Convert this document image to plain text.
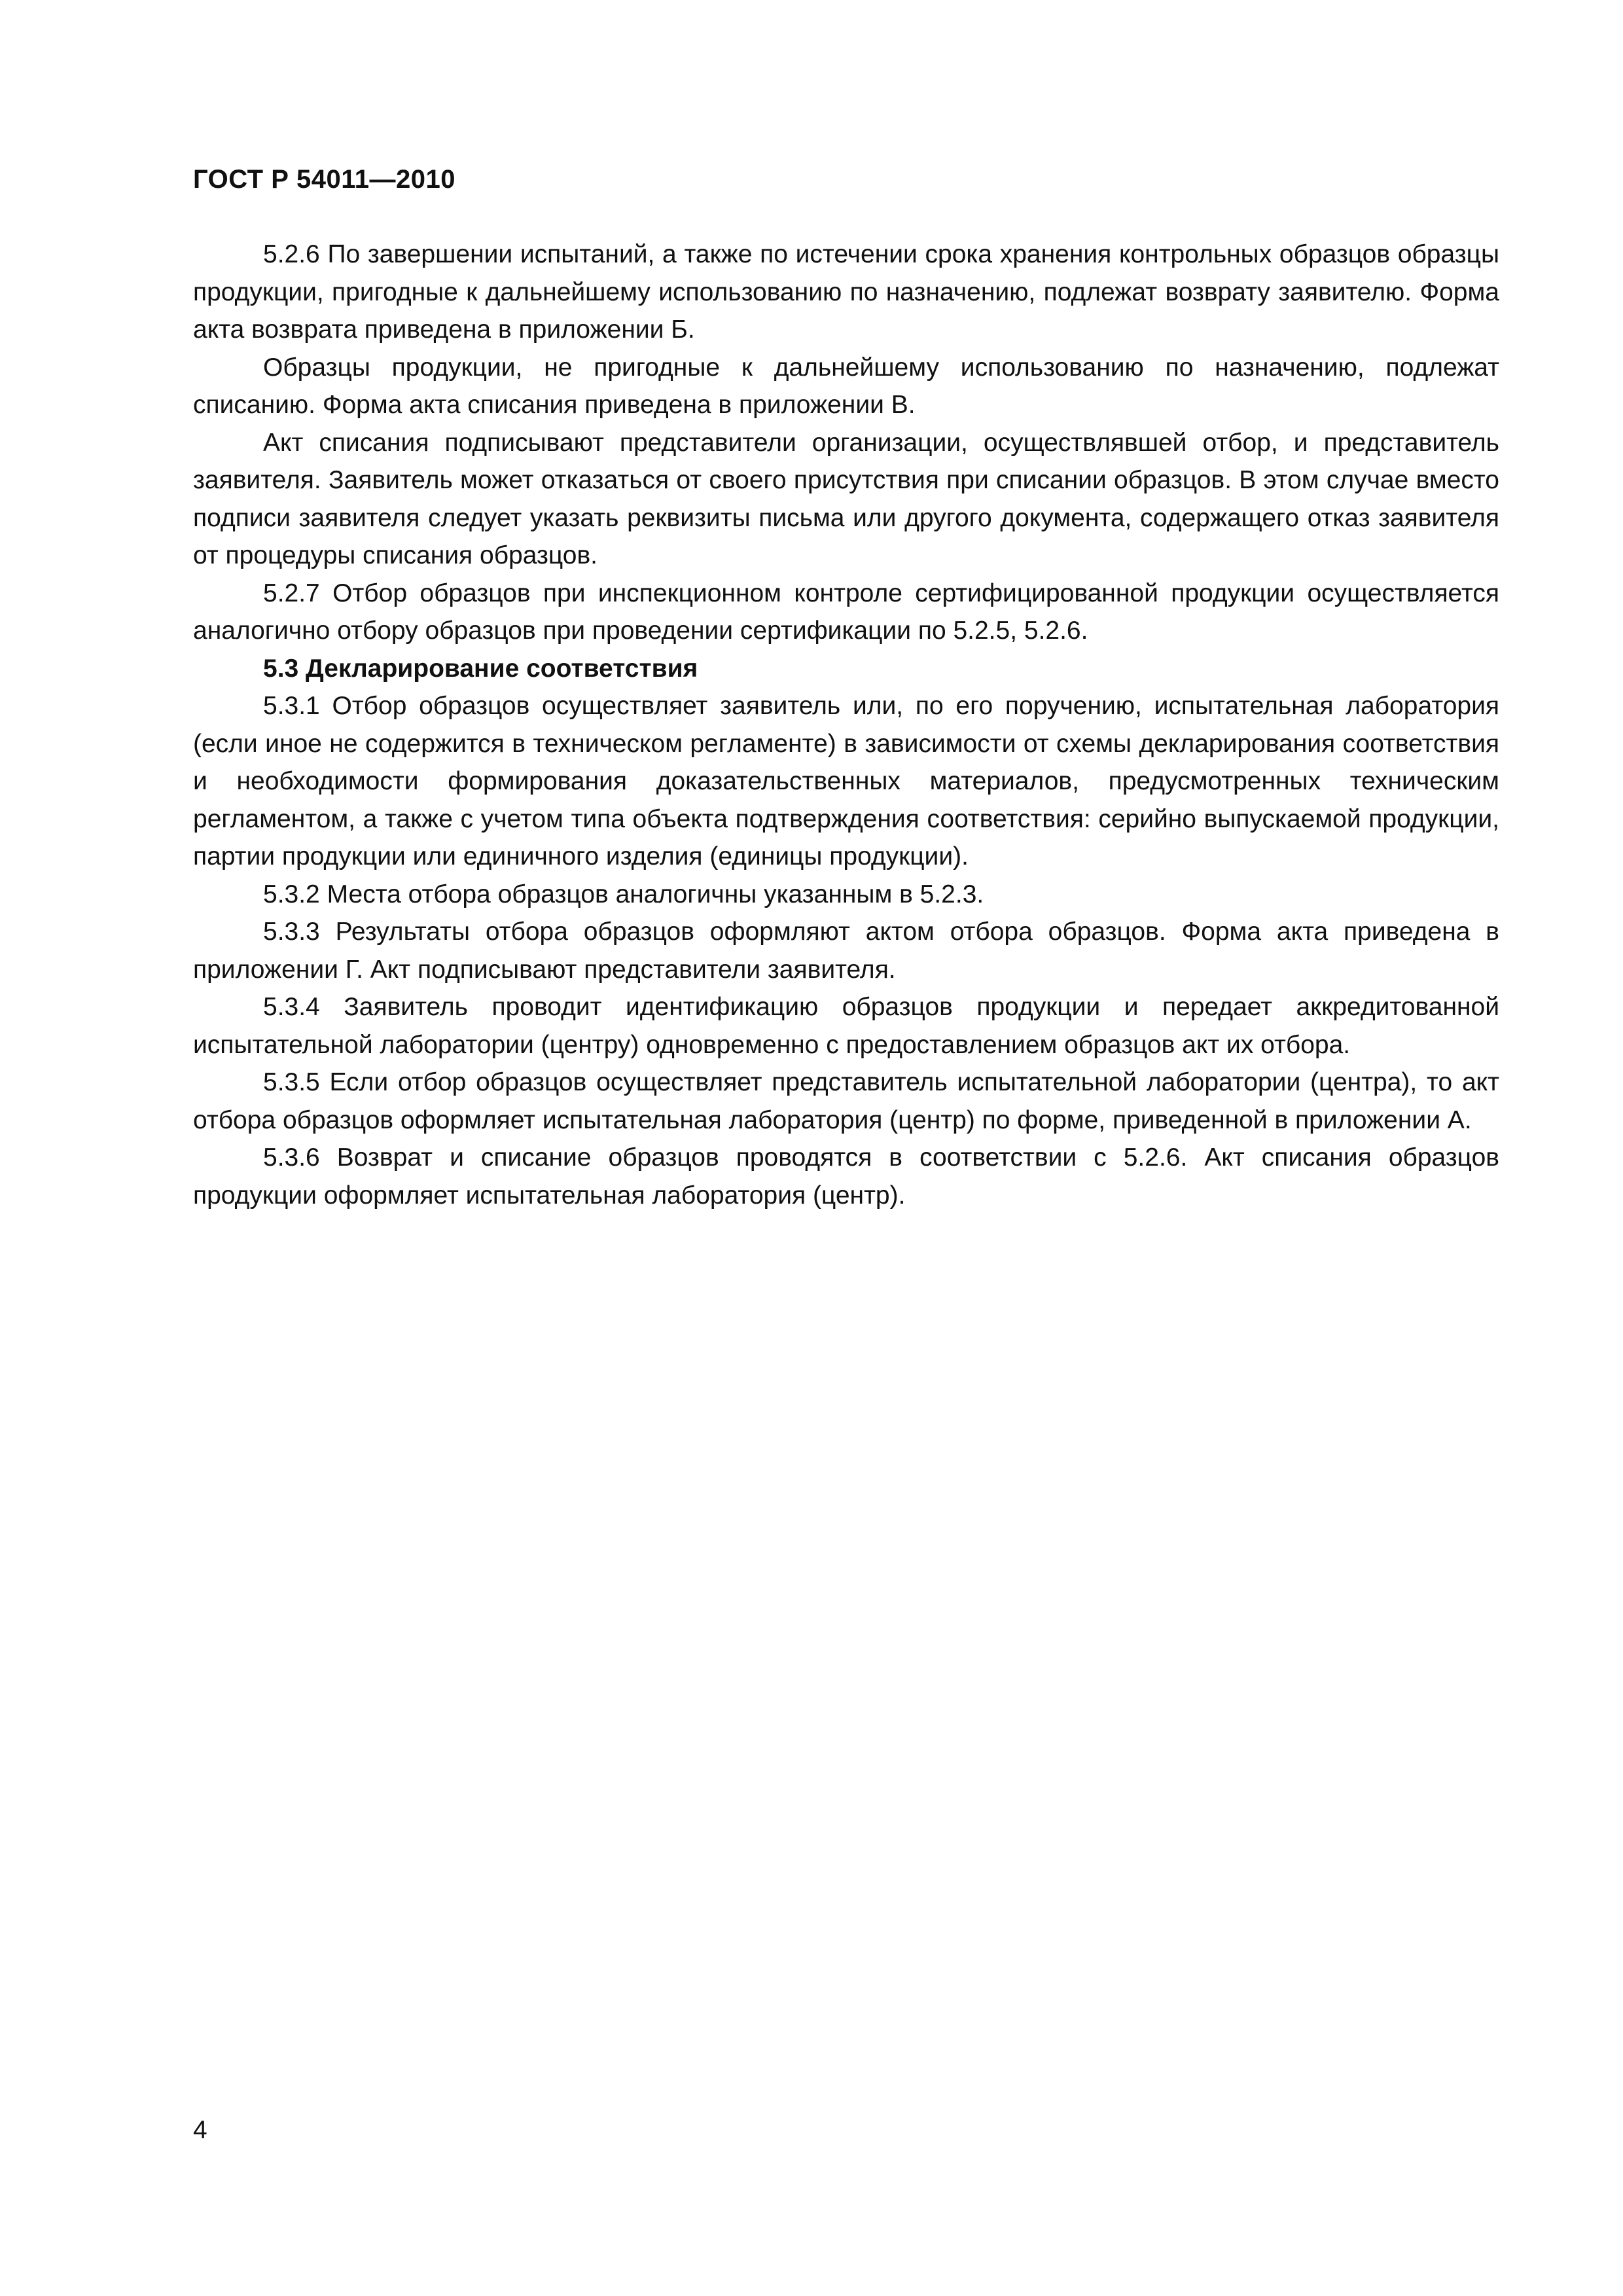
ГОСТ Р 54011—2010

5.2.6 По завершении испытаний, а также по истечении срока хранения контрольных образцов образцы продукции, пригодные к дальнейшему использованию по назначению, подлежат возврату заявителю. Форма акта возврата приведена в приложении Б.

Образцы продукции, не пригодные к дальнейшему использованию по назначению, подлежат списанию. Форма акта списания приведена в приложении В.

Акт списания подписывают представители организации, осуществлявшей отбор, и представитель заявителя. Заявитель может отказаться от своего присутствия при списании образцов. В этом случае вместо подписи заявителя следует указать реквизиты письма или другого документа, содержащего отказ заявителя от процедуры списания образцов.

5.2.7 Отбор образцов при инспекционном контроле сертифицированной продукции осуществляется аналогично отбору образцов при проведении сертификации по 5.2.5, 5.2.6.

5.3 Декларирование соответствия

5.3.1 Отбор образцов осуществляет заявитель или, по его поручению, испытательная лаборатория (если иное не содержится в техническом регламенте) в зависимости от схемы декларирования соответствия и необходимости формирования доказательственных материалов, предусмотренных техническим регламентом, а также с учетом типа объекта подтверждения соответствия: серийно выпускаемой продукции, партии продукции или единичного изделия (единицы продукции).

5.3.2 Места отбора образцов аналогичны указанным в 5.2.3.

5.3.3 Результаты отбора образцов оформляют актом отбора образцов. Форма акта приведена в приложении Г. Акт подписывают представители заявителя.

5.3.4 Заявитель проводит идентификацию образцов продукции и передает аккредитованной испытательной лаборатории (центру) одновременно с предоставлением образцов акт их отбора.

5.3.5 Если отбор образцов осуществляет представитель испытательной лаборатории (центра), то акт отбора образцов оформляет испытательная лаборатория (центр) по форме, приведенной в приложении А.

5.3.6 Возврат и списание образцов проводятся в соответствии с 5.2.6. Акт списания образцов продукции оформляет испытательная лаборатория (центр).

4
